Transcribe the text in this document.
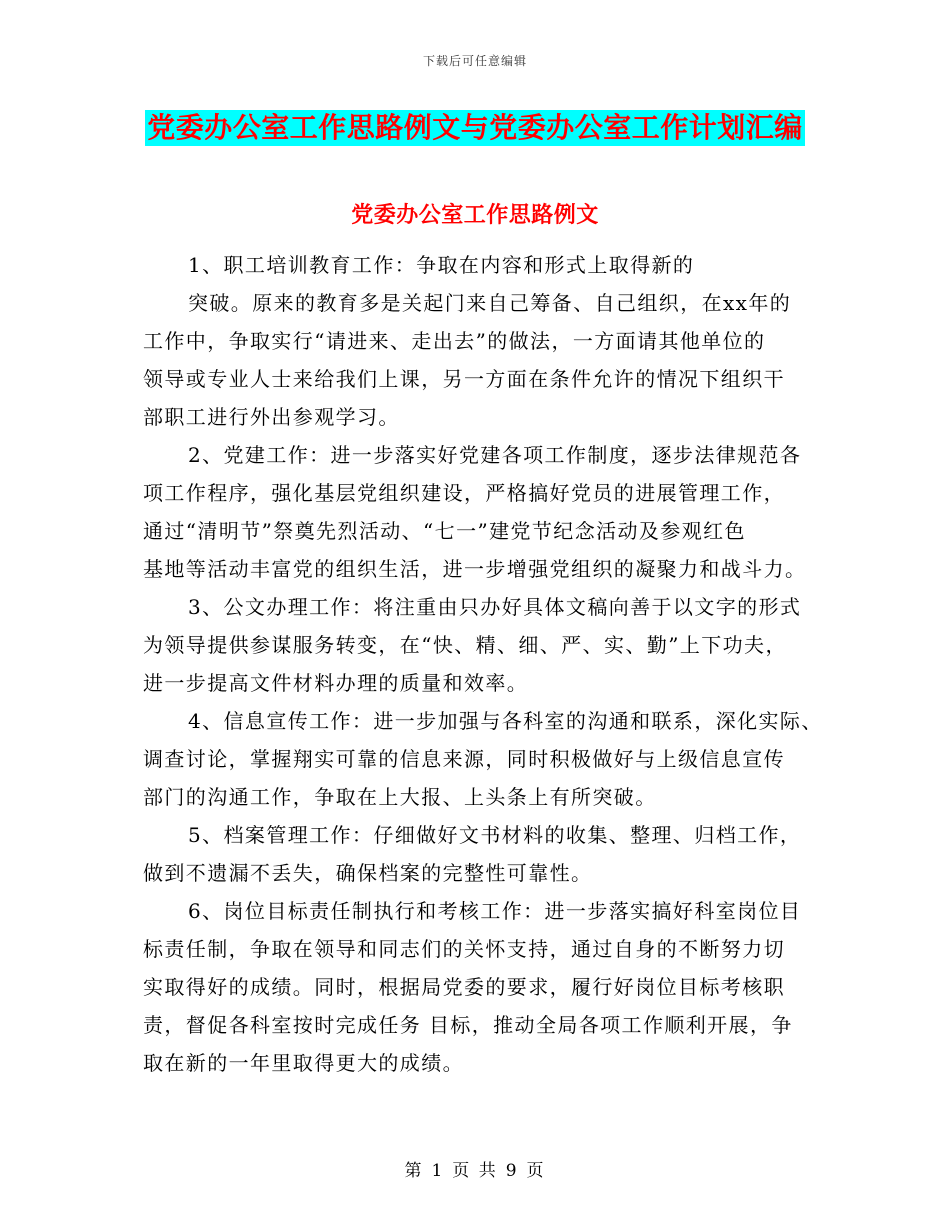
下载后可任意编辑
党委办公室工作思路例文与党委办公室工作计划汇编
党委办公室工作思路例文
1、职工培训教育工作：争取在内容和形式上取得新的
突破。原来的教育多是关起门来自己筹备、自己组织，在xx年的
工作中，争取实行“请进来、走出去”的做法，一方面请其他单位的
领导或专业人士来给我们上课，另一方面在条件允许的情况下组织干
部职工进行外出参观学习。
2、党建工作：进一步落实好党建各项工作制度，逐步法律规范各
项工作程序，强化基层党组织建设，严格搞好党员的进展管理工作，
通过“清明节”祭奠先烈活动、“七一”建党节纪念活动及参观红色
基地等活动丰富党的组织生活，进一步增强党组织的凝聚力和战斗力。
3、公文办理工作：将注重由只办好具体文稿向善于以文字的形式
为领导提供参谋服务转变，在“快、精、细、严、实、勤”上下功夫，
进一步提高文件材料办理的质量和效率。
4、信息宣传工作：进一步加强与各科室的沟通和联系，深化实际、
调查讨论，掌握翔实可靠的信息来源，同时积极做好与上级信息宣传
部门的沟通工作，争取在上大报、上头条上有所突破。
5、档案管理工作：仔细做好文书材料的收集、整理、归档工作，
做到不遗漏不丢失，确保档案的完整性可靠性。
6、岗位目标责任制执行和考核工作：进一步落实搞好科室岗位目
标责任制，争取在领导和同志们的关怀支持，通过自身的不断努力切
实取得好的成绩。同时，根据局党委的要求，履行好岗位目标考核职
责，督促各科室按时完成任务 目标，推动全局各项工作顺利开展，争
取在新的一年里取得更大的成绩。
第 1 页 共 9 页
